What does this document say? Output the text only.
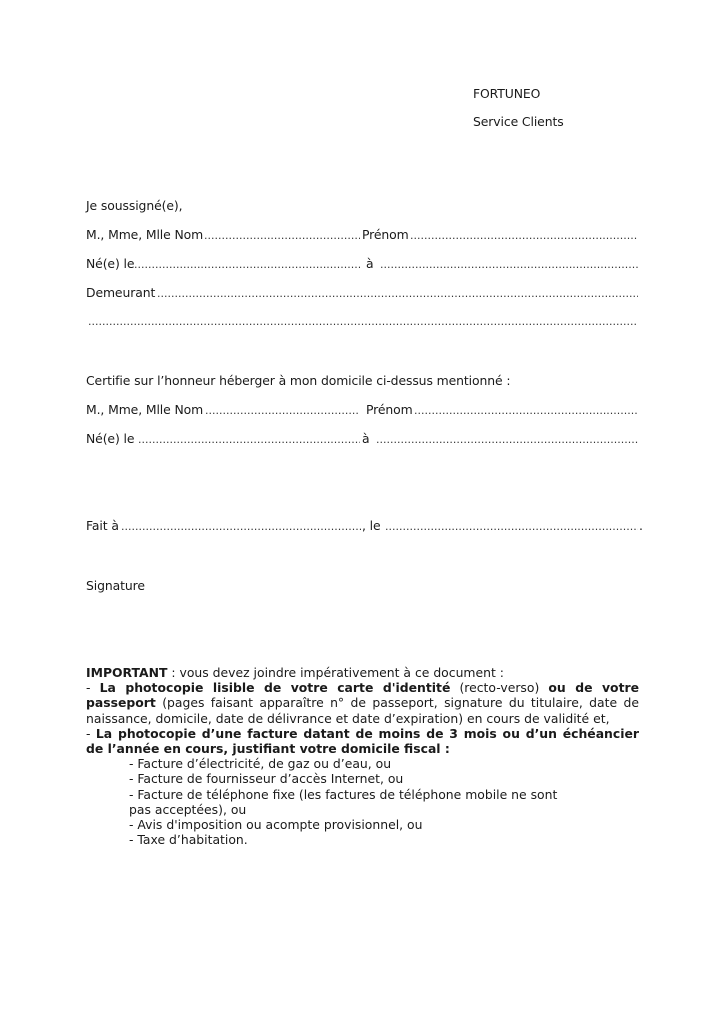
FORTUNEO
Service Clients
Je soussigné(e),
M., Mme, Mlle Nom .....	Prénom
.....
Né(e) le .....	à
.....
Demeurant
.....
.....
Certifie sur l’honneur héberger à mon domicile ci-dessus mentionné :
M., Mme, Mlle Nom .....	Prénom
.....
Né(e) le .....	à
.....
Fait à .....	, le .....	.
Signature

IMPORTANT : vous devez joindre impérativement à ce document :

- La photocopie lisible de votre carte d'identité (recto-verso) ou de votre passeport (pages faisant apparaître n° de passeport, signature du titulaire, date de naissance, domicile, date de délivrance et date d’expiration) en cours de validité et,

- La photocopie d’une facture datant de moins de 3 mois ou d’un échéancier de l’année en cours, justifiant votre domicile fiscal :

- Facture d’électricité, de gaz ou d’eau, ou

- Facture de fournisseur d’accès Internet, ou

- Facture de téléphone fixe (les factures de téléphone mobile ne sont pas acceptées), ou

- Avis d'imposition ou acompte provisionnel, ou

- Taxe d’habitation.
